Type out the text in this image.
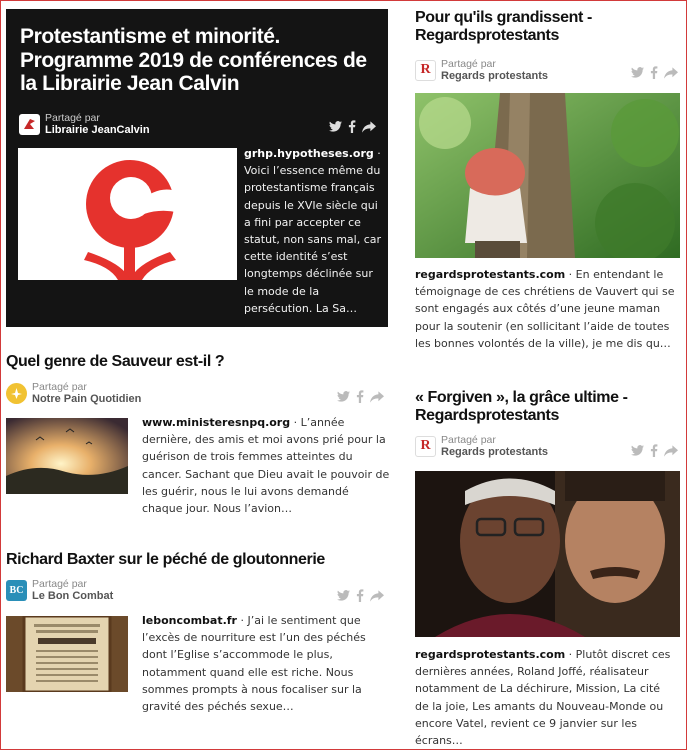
Protestantisme et minorité. Programme 2019 de conférences de la Librairie Jean Calvin
Partagé par
Librairie JeanCalvin
grhp.hypotheses.org · Voici l’essence même du protestantisme français depuis le XVIe siècle qui a fini par accepter ce statut, non sans mal, car cette identité s’est longtemps déclinée sur le mode de la persécution. La Sa…
Pour qu'ils grandissent - Regardsprotestants
R Partagé par
Regards protestants
regardsprotestants.com · En entendant le témoignage de ces chrétiens de Vauvert qui se sont engagés aux côtés d’une jeune maman pour la soutenir (en sollicitant l’aide de toutes les bonnes volontés de la ville), je me dis qu…
Quel genre de Sauveur est-il ?
Partagé par
Notre Pain Quotidien
www.ministeresnpq.org · L’année dernière, des amis et moi avons prié pour la guérison de trois femmes atteintes du cancer. Sachant que Dieu avait le pouvoir de les guérir, nous le lui avons demandé chaque jour. Nous l’avion…
« Forgiven », la grâce ultime - Regardsprotestants
R Partagé par
Regards protestants
regardsprotestants.com · Plutôt discret ces dernières années, Roland Joffé, réalisateur notamment de La déchirure, Mission, La cité de la joie, Les amants du Nouveau-Monde ou encore Vatel, revient ce 9 janvier sur les écrans…
Richard Baxter sur le péché de gloutonnerie
BC
Partagé par
Le Bon Combat
leboncombat.fr · J’ai le sentiment que l’excès de nourriture est l’un des péchés dont l’Eglise s’accommode le plus, notamment quand elle est riche. Nous sommes prompts à nous focaliser sur la gravité des péchés sexue…
